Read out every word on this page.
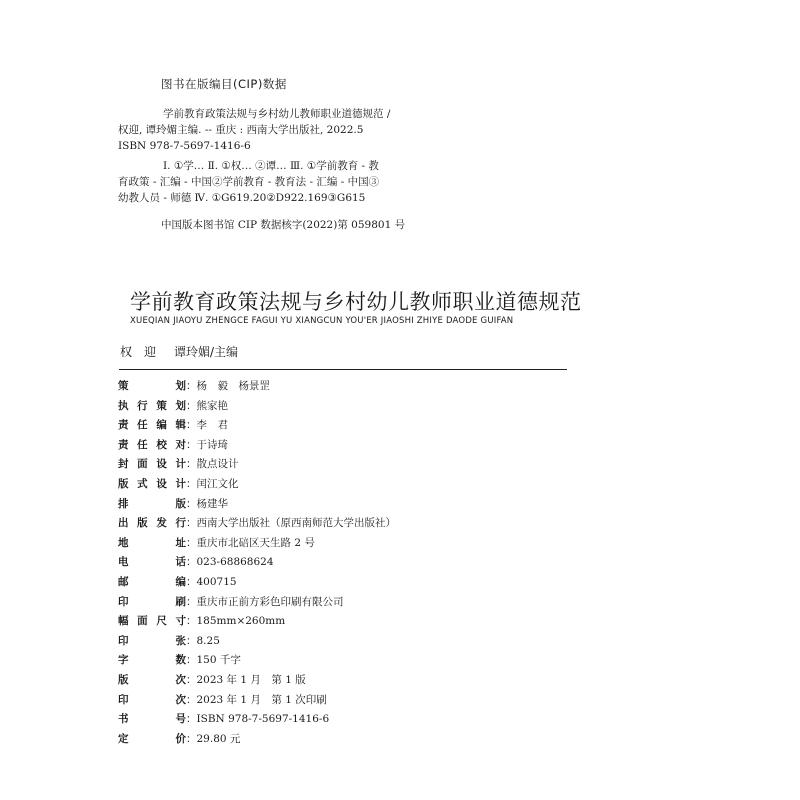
图书在版编目(CIP)数据
学前教育政策法规与乡村幼儿教师职业道德规范 /
权迎, 谭玲媚主编. -- 重庆 : 西南大学出版社, 2022.5
ISBN 978-7-5697-1416-6
Ⅰ. ①学… Ⅱ. ①权… ②谭… Ⅲ. ①学前教育 - 教
育政策 - 汇编 - 中国②学前教育 - 教育法 - 汇编 - 中国③
幼教人员 - 师德 Ⅳ. ①G619.20②D922.169③G615
中国版本图书馆 CIP 数据核字(2022)第 059801 号
学前教育政策法规与乡村幼儿教师职业道德规范
XUEQIAN JIAOYU ZHENGCE FAGUI YU XIANGCUN YOU'ER JIAOSHI ZHIYE DAODE GUIFAN
权　迎 谭玲媚/主编
策　　划 ：杨　毅　杨景罡
执行策划 ：熊家艳
责任编辑 ：李　君
责任校对 ：于诗琦
封面设计 ：散点设计
版式设计 ：闰江文化
排　　版 ：杨建华
出版发行 ：西南大学出版社（原西南师范大学出版社）
地　　址 ：重庆市北碚区天生路 2 号
电　　话 ：023-68868624
邮　　编 ：400715
印　　刷 ：重庆市正前方彩色印刷有限公司
幅面尺寸 ：185mm×260mm
印　　张 ：8.25
字　　数 ：150 千字
版　　次 ：2023 年 1 月　第 1 版
印　　次 ：2023 年 1 月　第 1 次印刷
书　　号 ：ISBN 978-7-5697-1416-6
定　　价 ：29.80 元
